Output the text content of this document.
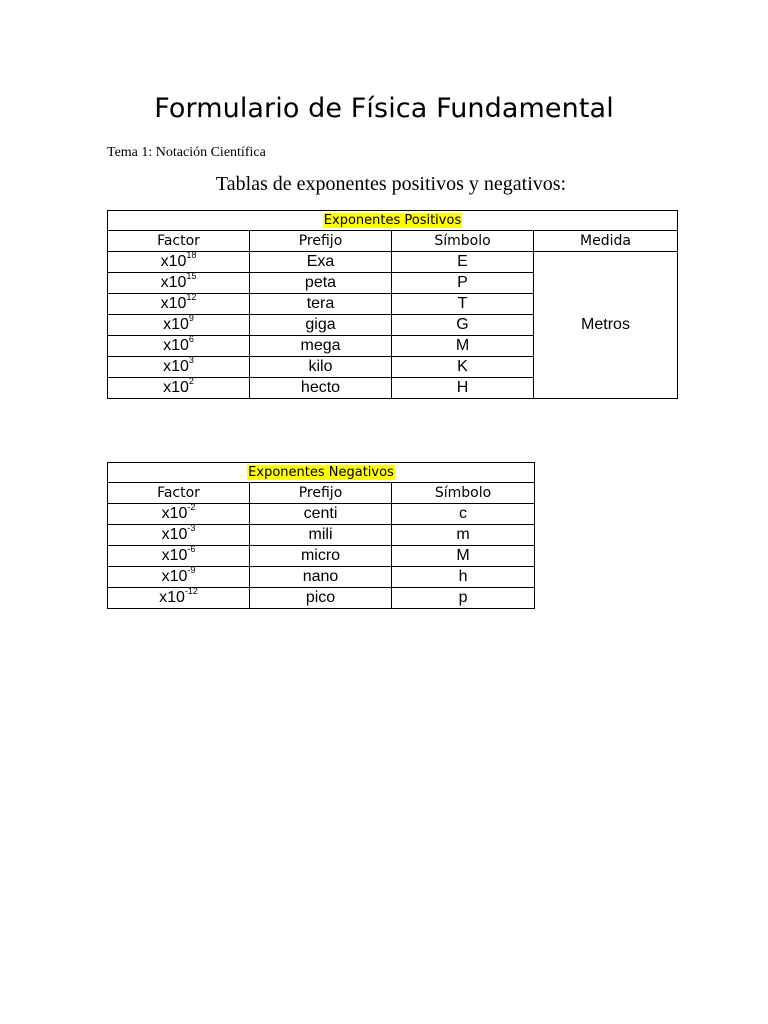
Formulario de Física Fundamental
Tema 1: Notación Científica
Tablas de exponentes positivos y negativos:
Exponentes Positivos			
Factor	Prefijo	Símbolo	Medida
$x10^{18}$	Exa	E	Metros
$x10^{15}$	peta	P	
$x10^{12}$	tera	T	
$x10^9$	giga	G	
$x10^6$	mega	M	
$x10^3$	kilo	K	
$x10^2$	hecto	H	
Exponentes Negativos		
Factor	Prefijo	Símbolo
$x10^{-2}$	centi	c
$x10^{-3}$	mili	m
$x10^{-6}$	micro	M
$x10^{-9}$	nano	h
$x10^{-12}$	pico	p
